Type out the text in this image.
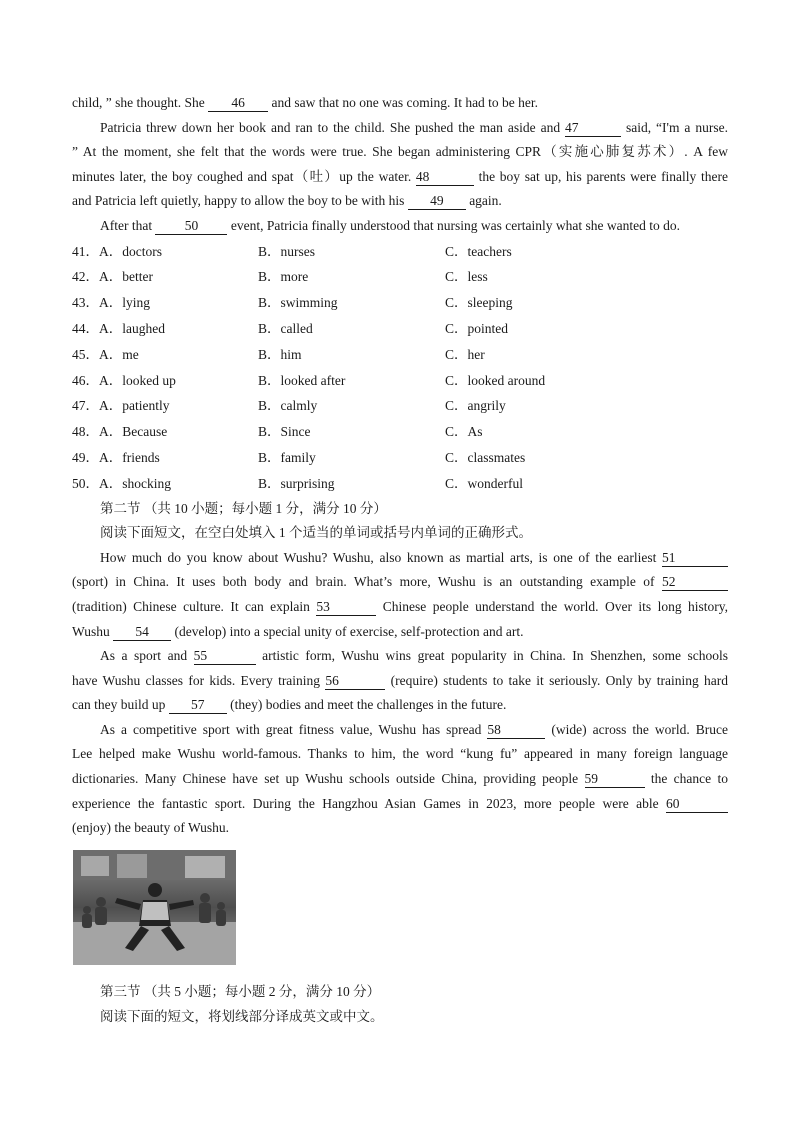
child, ” she thought. She 46 and saw that no one was coming. It had to be her.
Patricia threw down her book and ran to the child. She pushed the man aside and 47	said, “I'm a nurse.
” At the moment, she felt that the words were true. She began administering CPR（实施心肺复苏术）. A few
minutes later, the boy coughed and spat（吐）up the water. 48	the boy sat up, his parents were finally there
and Patricia left quietly, happy to allow the boy to be with his 49 again.
After that 50 event, Patricia finally understood that nursing was certainly what she wanted to do.
41．A．doctors	B．nurses	C．teachers
42．A．better	B．more	C．less
43．A．lying	B．swimming	C．sleeping
44．A．laughed	B．called	C．pointed
45．A．me	B．him	C．her
46．A．looked up	B．looked after	C．looked around
47．A．patiently	B．calmly	C．angrily
48．A．Because	B．Since	C．As
49．A．friends	B．family	C．classmates
50．A．shocking	B．surprising	C．wonderful
第二节 （共 10 小题；每小题 1 分，满分 10 分）
阅读下面短文，在空白处填入 1 个适当的单词或括号内单词的正确形式。
How much do you know about Wushu? Wushu, also known as martial arts, is one of the earliest 51
(sport) in China. It uses both body and brain. What’s more, Wushu is an outstanding example of 52
(tradition) Chinese culture. It can explain 53	Chinese people understand the world. Over its long history,
Wushu 54 (develop) into a special unity of exercise, self-protection and art.
As a sport and 55	artistic form, Wushu wins great popularity in China. In Shenzhen, some schools
have Wushu classes for kids. Every training 56	(require) students to take it seriously. Only by training hard
can they build up 57 (they) bodies and meet the challenges in the future.
As a competitive sport with great fitness value, Wushu has spread 58	(wide) across the world. Bruce
Lee helped make Wushu world-famous. Thanks to him, the word “kung fu” appeared in many foreign language
dictionaries. Many Chinese have set up Wushu schools outside China, providing people 59	the chance to
experience the fantastic sport. During the Hangzhou Asian Games in 2023, more people were able 60
(enjoy) the beauty of Wushu.
第三节 （共 5 小题；每小题 2 分，满分 10 分）
阅读下面的短文，将划线部分译成英文或中文。
